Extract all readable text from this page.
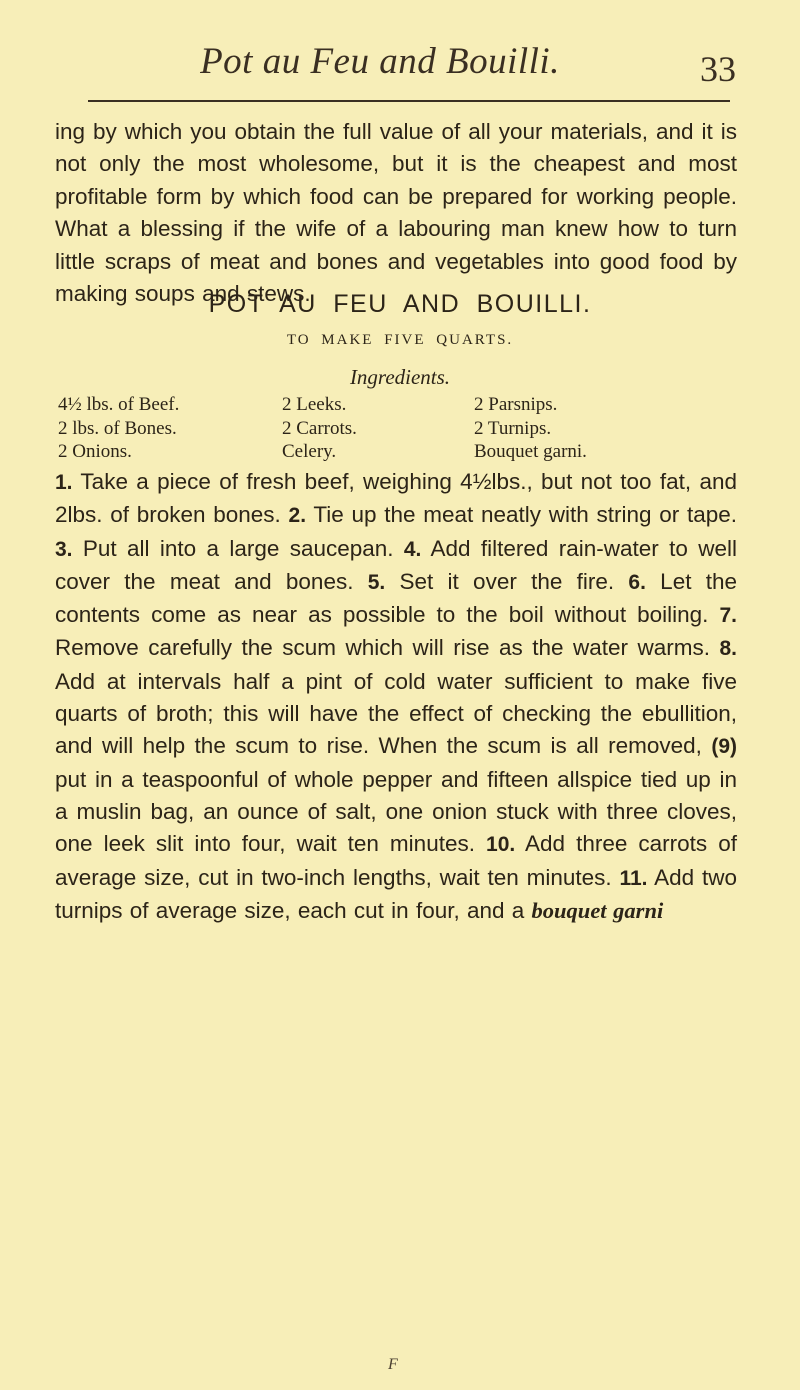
Pot au Feu and Bouilli.	33
ing by which you obtain the full value of all your materials, and it is not only the most wholesome, but it is the cheapest and most profitable form by which food can be prepared for working people. What a blessing if the wife of a labouring man knew how to turn little scraps of meat and bones and vegetables into good food by making soups and stews.
POT AU FEU AND BOUILLI.
TO MAKE FIVE QUARTS.
Ingredients.
4½ lbs. of Beef.	2 Leeks.	2 Parsnips.
2 lbs. of Bones.	2 Carrots.	2 Turnips.
2 Onions.	Celery.	Bouquet garni.
1. Take a piece of fresh beef, weighing 4½lbs., but not too fat, and 2lbs. of broken bones. 2. Tie up the meat neatly with string or tape. 3. Put all into a large saucepan. 4. Add filtered rain-water to well cover the meat and bones. 5. Set it over the fire. 6. Let the contents come as near as possible to the boil without boiling. 7. Remove carefully the scum which will rise as the water warms. 8. Add at intervals half a pint of cold water sufficient to make five quarts of broth; this will have the effect of checking the ebullition, and will help the scum to rise. When the scum is all removed, (9) put in a teaspoonful of whole pepper and fifteen allspice tied up in a muslin bag, an ounce of salt, one onion stuck with three cloves, one leek slit into four, wait ten minutes. 10. Add three carrots of average size, cut in two-inch lengths, wait ten minutes. 11. Add two turnips of average size, each cut in four, and a bouquet garni
F
